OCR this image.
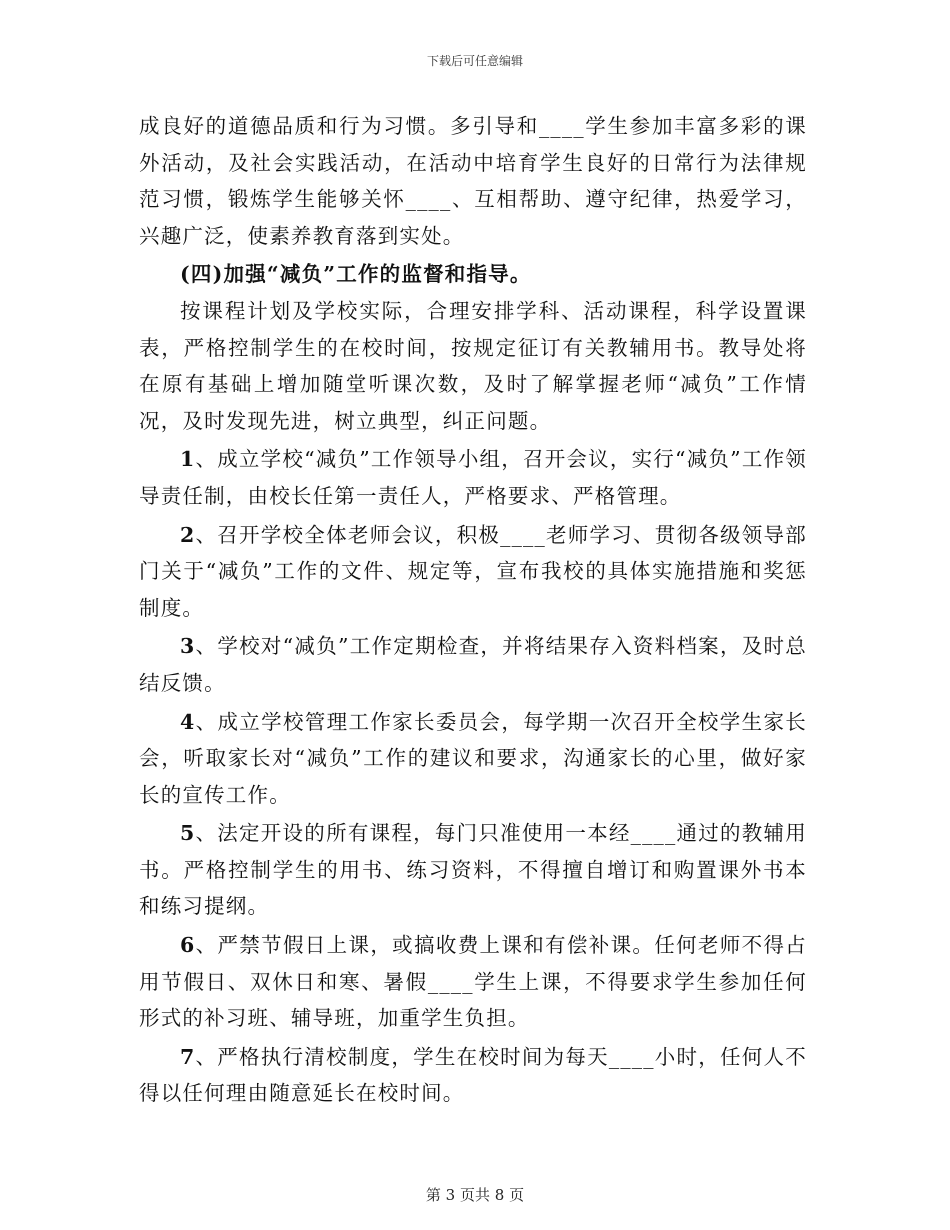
下载后可任意编辑

成良好的道德品质和行为习惯。多引导和____学生参加丰富多彩的课外活动，及社会实践活动，在活动中培育学生良好的日常行为法律规范习惯，锻炼学生能够关怀____、互相帮助、遵守纪律，热爱学习，兴趣广泛，使素养教育落到实处。

(四)加强“减负”工作的监督和指导。

按课程计划及学校实际，合理安排学科、活动课程，科学设置课表，严格控制学生的在校时间，按规定征订有关教辅用书。教导处将在原有基础上增加随堂听课次数，及时了解掌握老师“减负”工作情况，及时发现先进，树立典型，纠正问题。

1、成立学校“减负”工作领导小组，召开会议，实行“减负”工作领导责任制，由校长任第一责任人，严格要求、严格管理。

2、召开学校全体老师会议，积极____老师学习、贯彻各级领导部门关于“减负”工作的文件、规定等，宣布我校的具体实施措施和奖惩制度。

3、学校对“减负”工作定期检查，并将结果存入资料档案，及时总结反馈。

4、成立学校管理工作家长委员会，每学期一次召开全校学生家长会，听取家长对“减负”工作的建议和要求，沟通家长的心里，做好家长的宣传工作。

5、法定开设的所有课程，每门只准使用一本经____通过的教辅用书。严格控制学生的用书、练习资料，不得擅自增订和购置课外书本和练习提纲。

6、严禁节假日上课，或搞收费上课和有偿补课。任何老师不得占用节假日、双休日和寒、暑假____学生上课，不得要求学生参加任何形式的补习班、辅导班，加重学生负担。

7、严格执行清校制度，学生在校时间为每天____小时，任何人不得以任何理由随意延长在校时间。

第 3 页共 8 页
